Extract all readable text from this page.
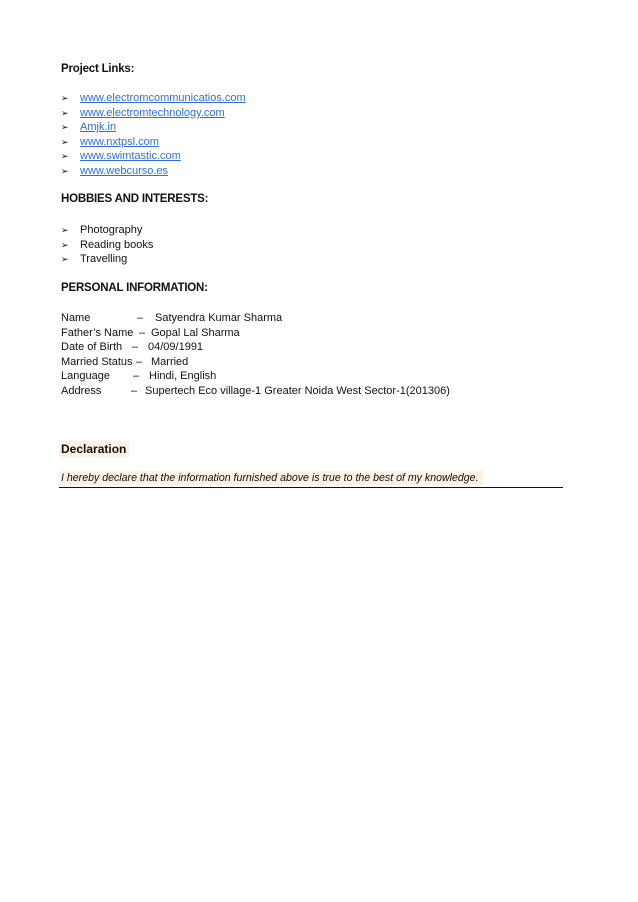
Project Links:
➢	www.electromcommunicatios.com
➢	www.electromtechnology.com
➢	Amjk.in
➢	www.nxtpsl.com
➢	www.swimtastic.com
➢	www.webcurso.es
HOBBIES AND INTERESTS:
➢	Photography
➢	Reading books
➢	Travelling
PERSONAL INFORMATION:
Name	– Satyendra Kumar Sharma
Father’s Name – Gopal Lal Sharma
Date of Birth – 04/09/1991
Married Status – Married
Language – Hindi, English
Address	– Supertech Eco village-1 Greater Noida West Sector-1(201306)
Declaration
I hereby declare that the information furnished above is true to the best of my knowledge.
